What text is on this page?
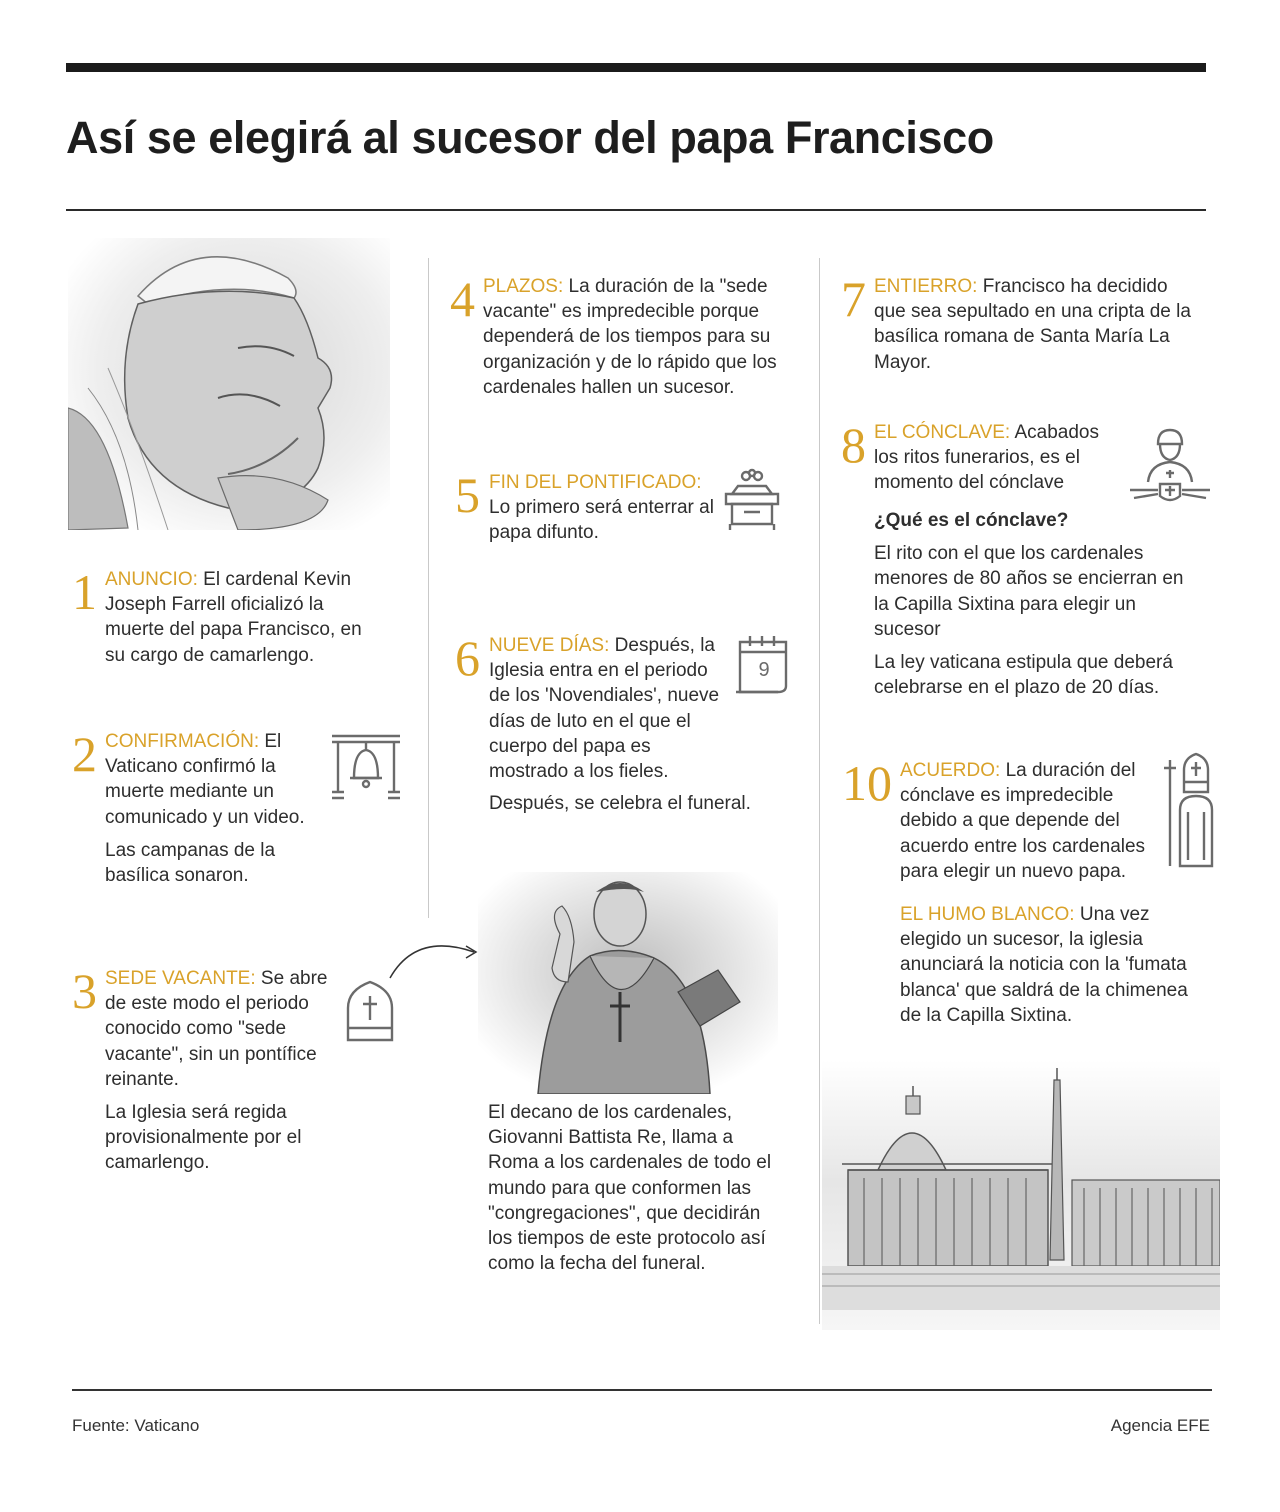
Así se elegirá al sucesor del papa Francisco
1 ANUNCIO: El cardenal Kevin Joseph Farrell oficializó la muerte del papa Francisco, en su cargo de camarlengo.

2 CONFIRMACIÓN: El Vaticano confirmó la muerte mediante un comunicado y un video.

Las campanas de la basílica sonaron.

3 SEDE VACANTE: Se abre de este modo el periodo conocido como "sede vacante", sin un pontífice reinante.

La Iglesia será regida provisionalmente por el camarlengo.

4 PLAZOS: La duración de la "sede vacante" es impredecible porque dependerá de los tiempos para su organización y de lo rápido que los cardenales hallen un sucesor.

5 FIN DEL PONTIFICADO: Lo primero será enterrar al papa difunto.

6 NUEVE DÍAS: Después, la Iglesia entra en el periodo de los 'Novendiales', nueve días de luto en el que el cuerpo del papa es mostrado a los fieles.

Después, se celebra el funeral.

9

El decano de los cardenales, Giovanni Battista Re, llama a Roma a los cardenales de todo el mundo para que conformen las "congregaciones", que decidirán los tiempos de este protocolo así como la fecha del funeral.

7 ENTIERRO: Francisco ha decidido que sea sepultado en una cripta de la basílica romana de Santa María La Mayor.

8 EL CÓNCLAVE: Acabados los ritos funerarios, es el momento del cónclave

¿Qué es el cónclave?

El rito con el que los cardenales menores de 80 años se encierran en la Capilla Sixtina para elegir un sucesor

La ley vaticana estipula que deberá celebrarse en el plazo de 20 días.

10 ACUERDO: La duración del cónclave es impredecible debido a que depende del acuerdo entre los cardenales para elegir un nuevo papa.

EL HUMO BLANCO: Una vez elegido un sucesor, la iglesia anunciará la noticia con la 'fumata blanca' que saldrá de la chimenea de la Capilla Sixtina.

Fuente: Vaticano	Agencia EFE
